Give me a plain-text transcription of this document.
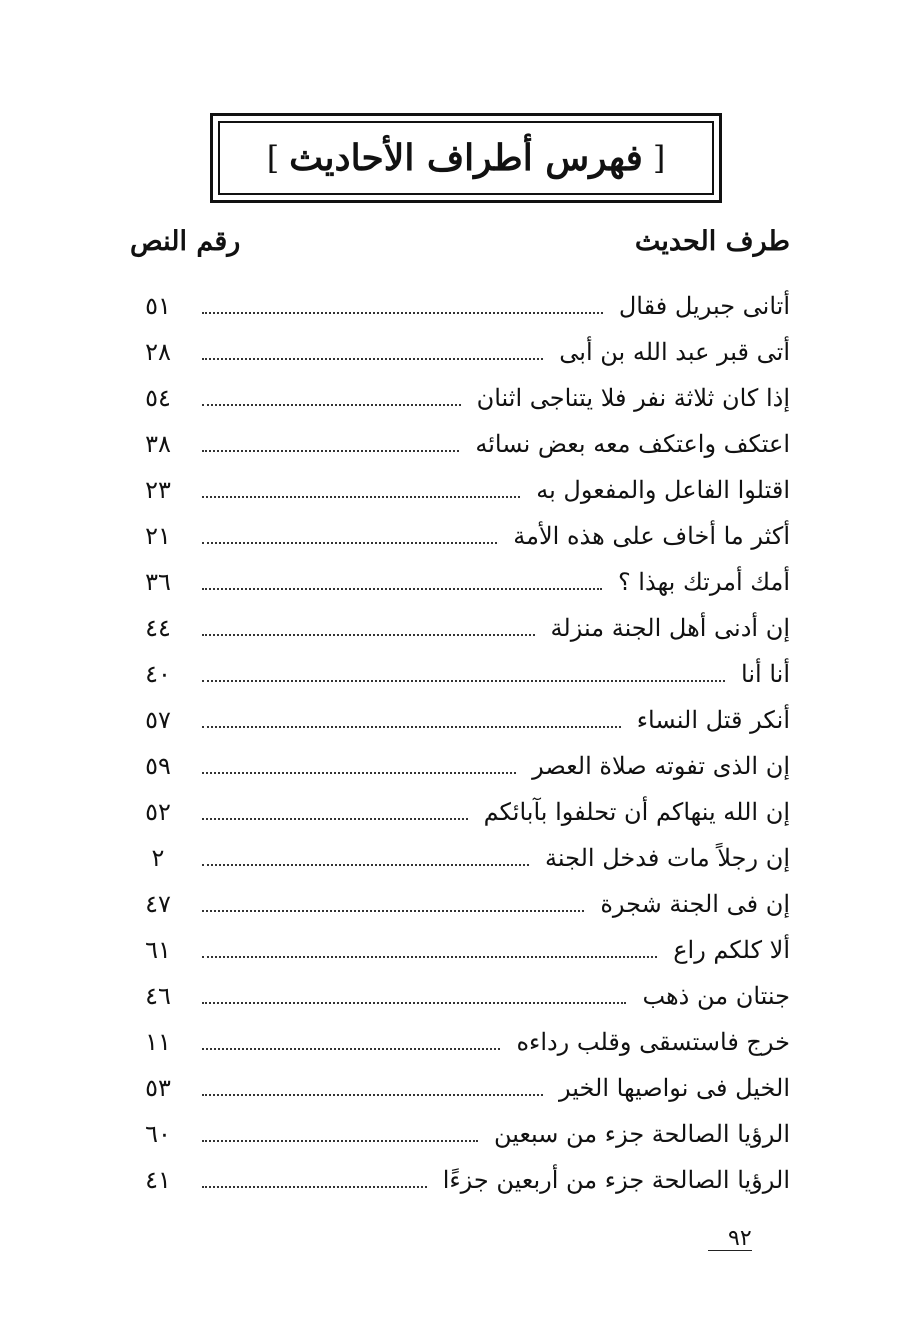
[
فهرس أطراف الأحاديث
]
طرف الحديث
رقم النص
أتانى جبريل فقال
٥١
أتى قبر عبد الله بن أبى
٢٨
إذا كان ثلاثة نفر فلا يتناجى اثنان
٥٤
اعتكف واعتكف معه بعض نسائه
٣٨
اقتلوا الفاعل والمفعول به
٢٣
أكثر ما أخاف على هذه الأمة
٢١
أمك أمرتك بهذا ؟
٣٦
إن أدنى أهل الجنة منزلة
٤٤
أنا أنا
٤٠
أنكر قتل النساء
٥٧
إن الذى تفوته صلاة العصر
٥٩
إن الله ينهاكم أن تحلفوا بآبائكم
٥٢
إن رجلاً مات فدخل الجنة
٢
إن فى الجنة شجرة
٤٧
ألا كلكم راع
٦١
جنتان من ذهب
٤٦
خرج فاستسقى وقلب رداءه
١١
الخيل فى نواصيها الخير
٥٣
الرؤيا الصالحة جزء من سبعين
٦٠
الرؤيا الصالحة جزء من أربعين جزءًا
٤١
٩٢
